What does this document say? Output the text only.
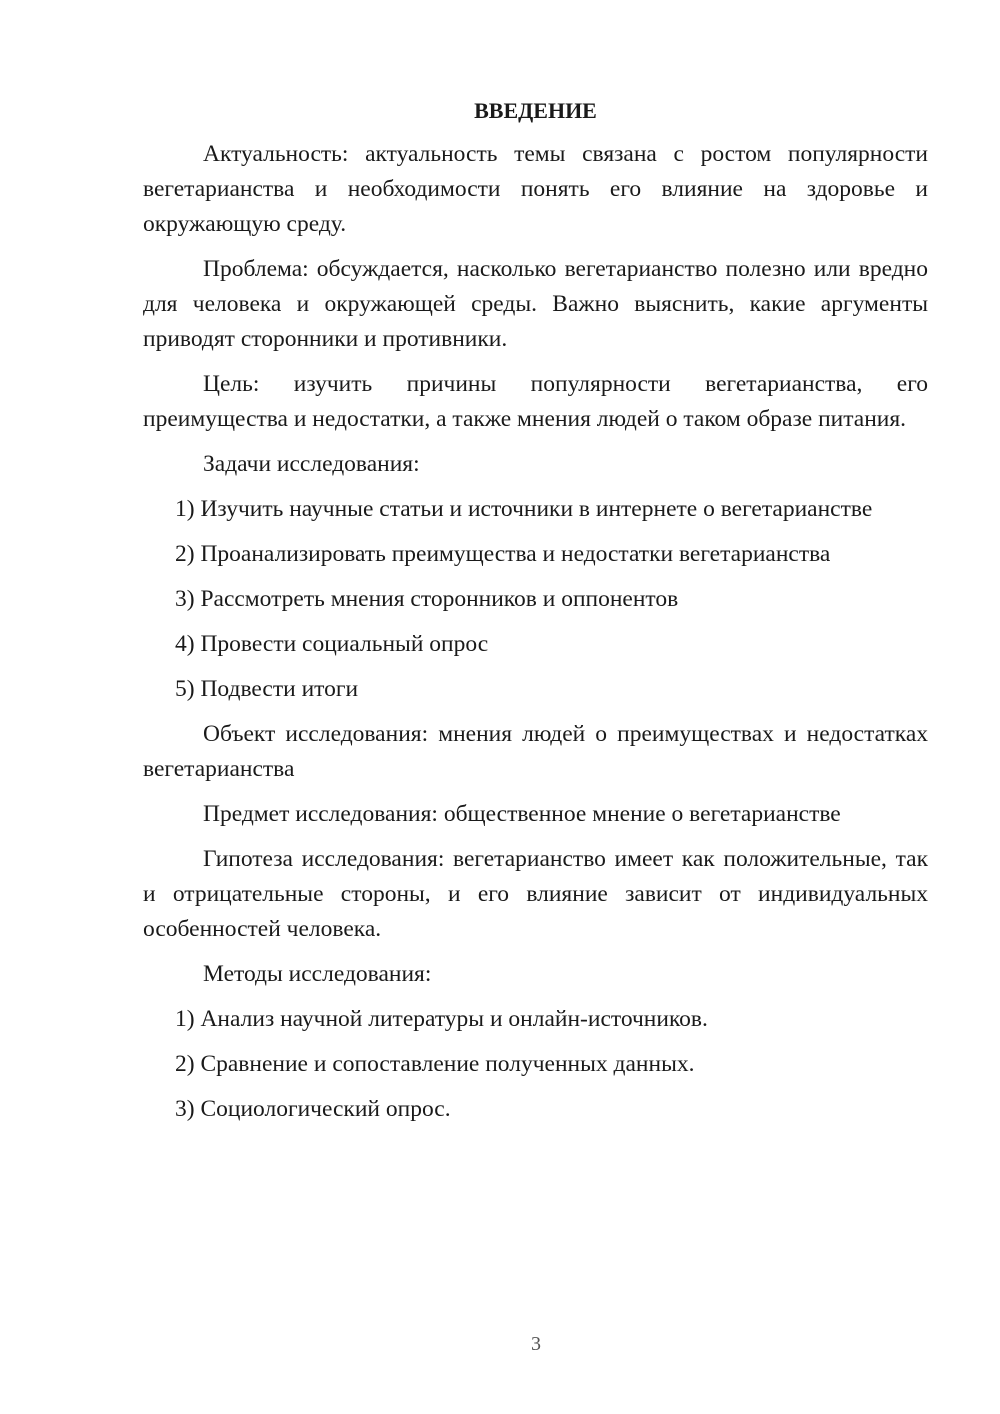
ВВЕДЕНИЕ

Актуальность: актуальность темы связана с ростом популярности вегетарианства и необходимости понять его влияние на здоровье и окружающую среду.

Проблема: обсуждается, насколько вегетарианство полезно или вредно для человека и окружающей среды. Важно выяснить, какие аргументы приводят сторонники и противники.

Цель: изучить причины популярности вегетарианства, его преимущества и недостатки, а также мнения людей о таком образе питания.

Задачи исследования:

1) Изучить научные статьи и источники в интернете о вегетарианстве

2) Проанализировать преимущества и недостатки вегетарианства

3) Рассмотреть мнения сторонников и оппонентов

4) Провести социальный опрос

5) Подвести итоги

Объект исследования: мнения людей о преимуществах и недостатках вегетарианства

Предмет исследования: общественное мнение о вегетарианстве

Гипотеза исследования: вегетарианство имеет как положительные, так и отрицательные стороны, и его влияние зависит от индивидуальных особенностей человека.

Методы исследования:

1) Анализ научной литературы и онлайн-источников.

2) Сравнение и сопоставление полученных данных.

3) Социологический опрос.

3
